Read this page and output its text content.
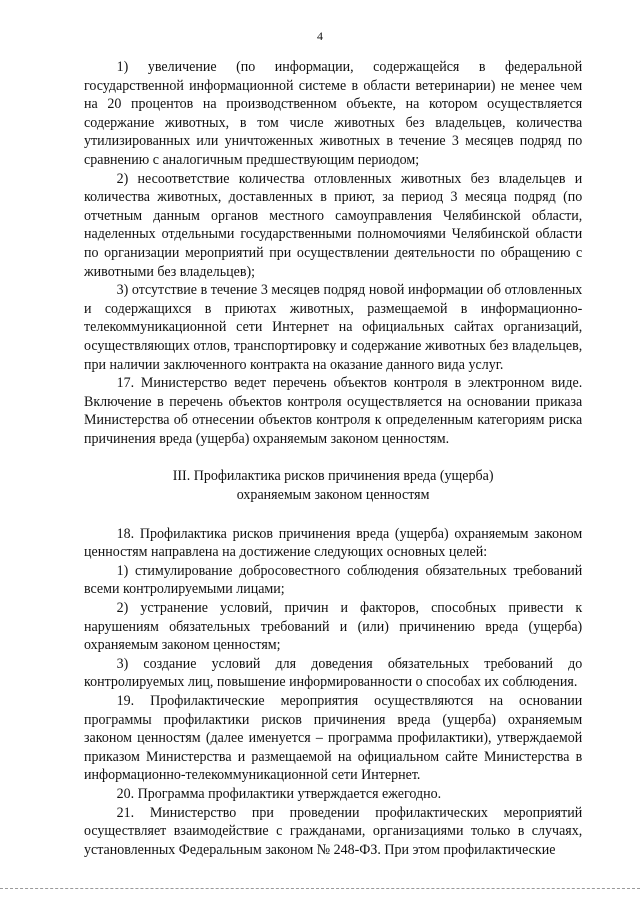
4

1) увеличение (по информации, содержащейся в федеральной государственной информационной системе в области ветеринарии) не менее чем на 20 процентов на производственном объекте, на котором осуществляется содержание животных, в том числе животных без владельцев, количества утилизированных или уничтоженных животных в течение 3 месяцев подряд по сравнению с аналогичным предшествующим периодом;

2) несоответствие количества отловленных животных без владельцев и количества животных, доставленных в приют, за период 3 месяца подряд (по отчетным данным органов местного самоуправления Челябинской области, наделенных отдельными государственными полномочиями Челябинской области по организации мероприятий при осуществлении деятельности по обращению с животными без владельцев);

3) отсутствие в течение 3 месяцев подряд новой информации об отловленных и содержащихся в приютах животных, размещаемой в информационно-телекоммуникационной сети Интернет на официальных сайтах организаций, осуществляющих отлов, транспортировку и содержание животных без владельцев, при наличии заключенного контракта на оказание данного вида услуг.

17. Министерство ведет перечень объектов контроля в электронном виде. Включение в перечень объектов контроля осуществляется на основании приказа Министерства об отнесении объектов контроля к определенным категориям риска причинения вреда (ущерба) охраняемым законом ценностям.

III. Профилактика рисков причинения вреда (ущерба)
охраняемым законом ценностям

18. Профилактика рисков причинения вреда (ущерба) охраняемым законом ценностям направлена на достижение следующих основных целей:

1) стимулирование добросовестного соблюдения обязательных требований всеми контролируемыми лицами;

2) устранение условий, причин и факторов, способных привести к нарушениям обязательных требований и (или) причинению вреда (ущерба) охраняемым законом ценностям;

3) создание условий для доведения обязательных требований до контролируемых лиц, повышение информированности о способах их соблюдения.

19. Профилактические мероприятия осуществляются на основании программы профилактики рисков причинения вреда (ущерба) охраняемым законом ценностям (далее именуется – программа профилактики), утверждаемой приказом Министерства и размещаемой на официальном сайте Министерства в информационно-телекоммуникационной сети Интернет.

20. Программа профилактики утверждается ежегодно.

21. Министерство при проведении профилактических мероприятий осуществляет взаимодействие с гражданами, организациями только в случаях, установленных Федеральным законом № 248-ФЗ. При этом профилактические
